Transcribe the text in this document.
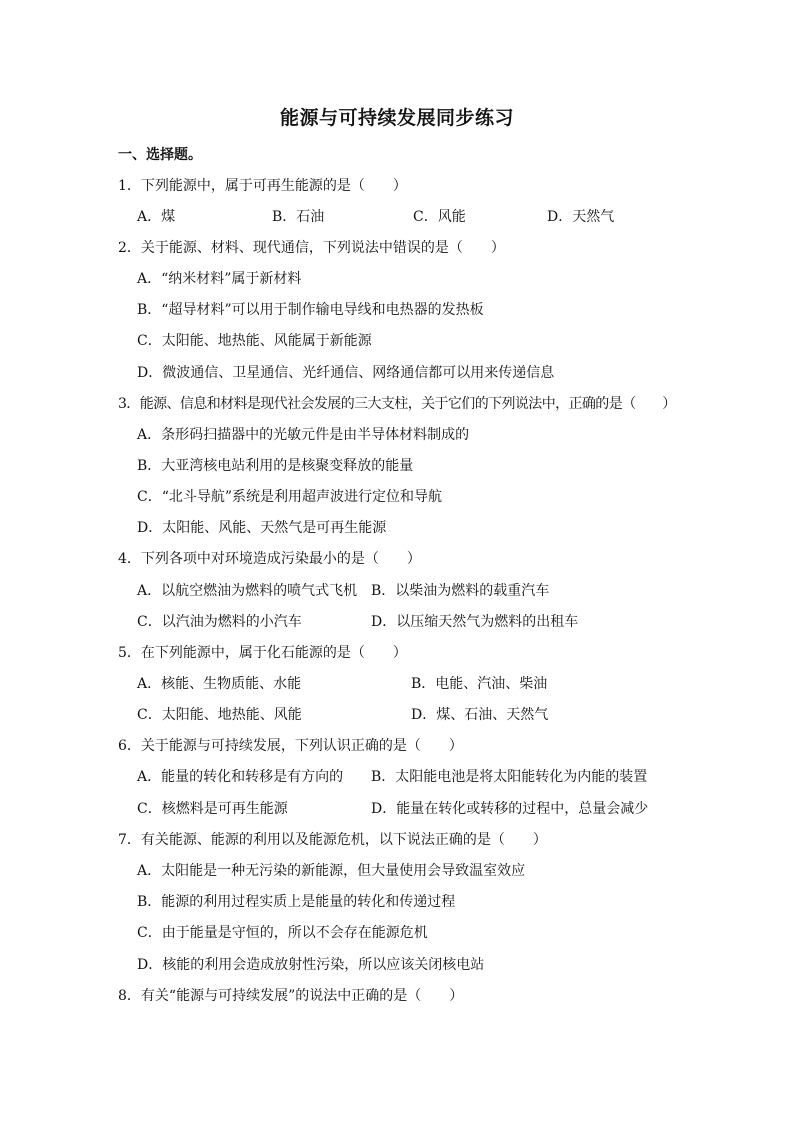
能源与可持续发展同步练习
一、选择题。
1．下列能源中，属于可再生能源的是（　　）
A．煤	B．石油	C．风能	D．天然气
2．关于能源、材料、现代通信，下列说法中错误的是（　　）
A．“纳米材料”属于新材料
B．“超导材料”可以用于制作输电导线和电热器的发热板
C．太阳能、地热能、风能属于新能源
D．微波通信、卫星通信、光纤通信、网络通信都可以用来传递信息
3．能源、信息和材料是现代社会发展的三大支柱，关于它们的下列说法中，正确的是（　　）
A．条形码扫描器中的光敏元件是由半导体材料制成的
B．大亚湾核电站利用的是核聚变释放的能量
C．“北斗导航”系统是利用超声波进行定位和导航
D．太阳能、风能、天然气是可再生能源
4．下列各项中对环境造成污染最小的是（　　）
A．以航空燃油为燃料的喷气式飞机 B．以柴油为燃料的载重汽车
C．以汽油为燃料的小汽车	D．以压缩天然气为燃料的出租车
5．在下列能源中，属于化石能源的是（　　）
A．核能、生物质能、水能	B．电能、汽油、柴油
C．太阳能、地热能、风能	D．煤、石油、天然气
6．关于能源与可持续发展，下列认识正确的是（　　）
A．能量的转化和转移是有方向的 B．太阳能电池是将太阳能转化为内能的装置
C．核燃料是可再生能源	D．能量在转化或转移的过程中，总量会减少
7．有关能源、能源的利用以及能源危机，以下说法正确的是（　　）
A．太阳能是一种无污染的新能源，但大量使用会导致温室效应
B．能源的利用过程实质上是能量的转化和传递过程
C．由于能量是守恒的，所以不会存在能源危机
D．核能的利用会造成放射性污染，所以应该关闭核电站
8．有关“能源与可持续发展”的说法中正确的是（　　）
